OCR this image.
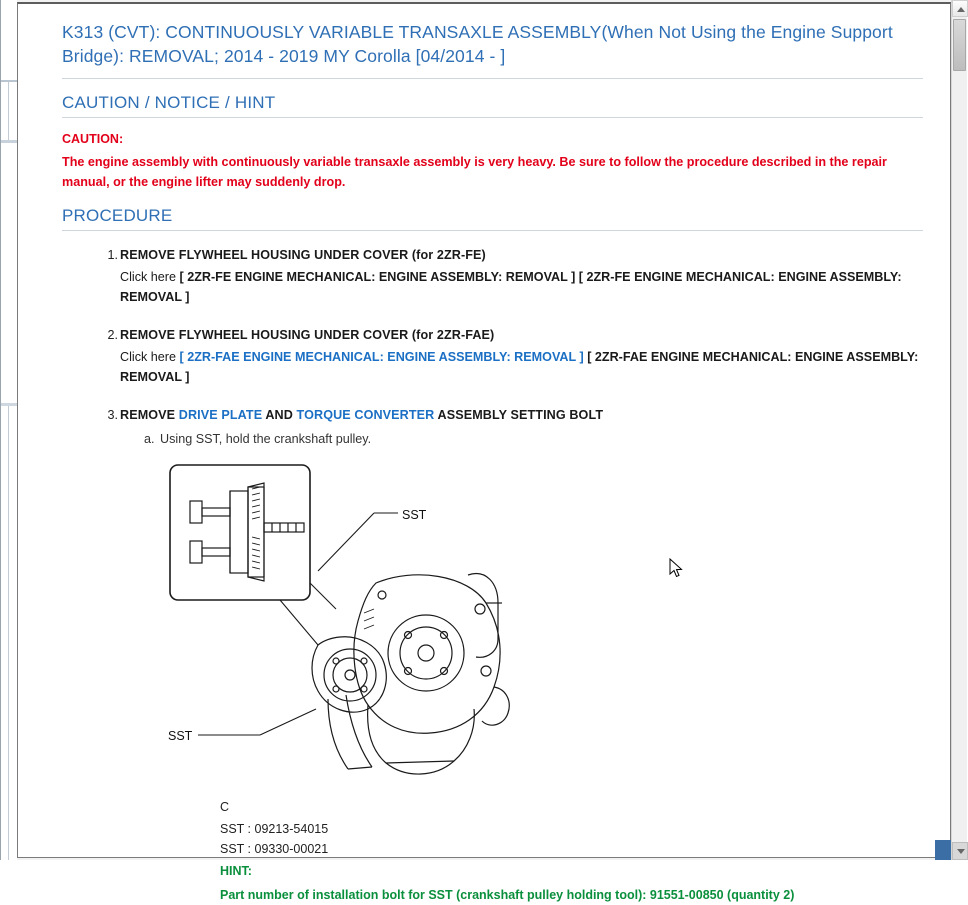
K313 (CVT): CONTINUOUSLY VARIABLE TRANSAXLE ASSEMBLY(When Not Using the Engine Support Bridge): REMOVAL; 2014 - 2019 MY Corolla [04/2014 - ]
CAUTION / NOTICE / HINT
CAUTION:
The engine assembly with continuously variable transaxle assembly is very heavy. Be sure to follow the procedure described in the repair manual, or the engine lifter may suddenly drop.
PROCEDURE
1. REMOVE FLYWHEEL HOUSING UNDER COVER (for 2ZR-FE)
Click here [ 2ZR-FE ENGINE MECHANICAL: ENGINE ASSEMBLY: REMOVAL ] [ 2ZR-FE ENGINE MECHANICAL: ENGINE ASSEMBLY: REMOVAL ]
2. REMOVE FLYWHEEL HOUSING UNDER COVER (for 2ZR-FAE)
Click here [ 2ZR-FAE ENGINE MECHANICAL: ENGINE ASSEMBLY: REMOVAL ] [ 2ZR-FAE ENGINE MECHANICAL: ENGINE ASSEMBLY: REMOVAL ]
3. REMOVE DRIVE PLATE AND TORQUE CONVERTER ASSEMBLY SETTING BOLT
a. Using SST, hold the crankshaft pulley.
SST
SST
C
SST : 09213-54015
SST : 09330-00021
HINT:
Part number of installation bolt for SST (crankshaft pulley holding tool): 91551-00850 (quantity 2)
